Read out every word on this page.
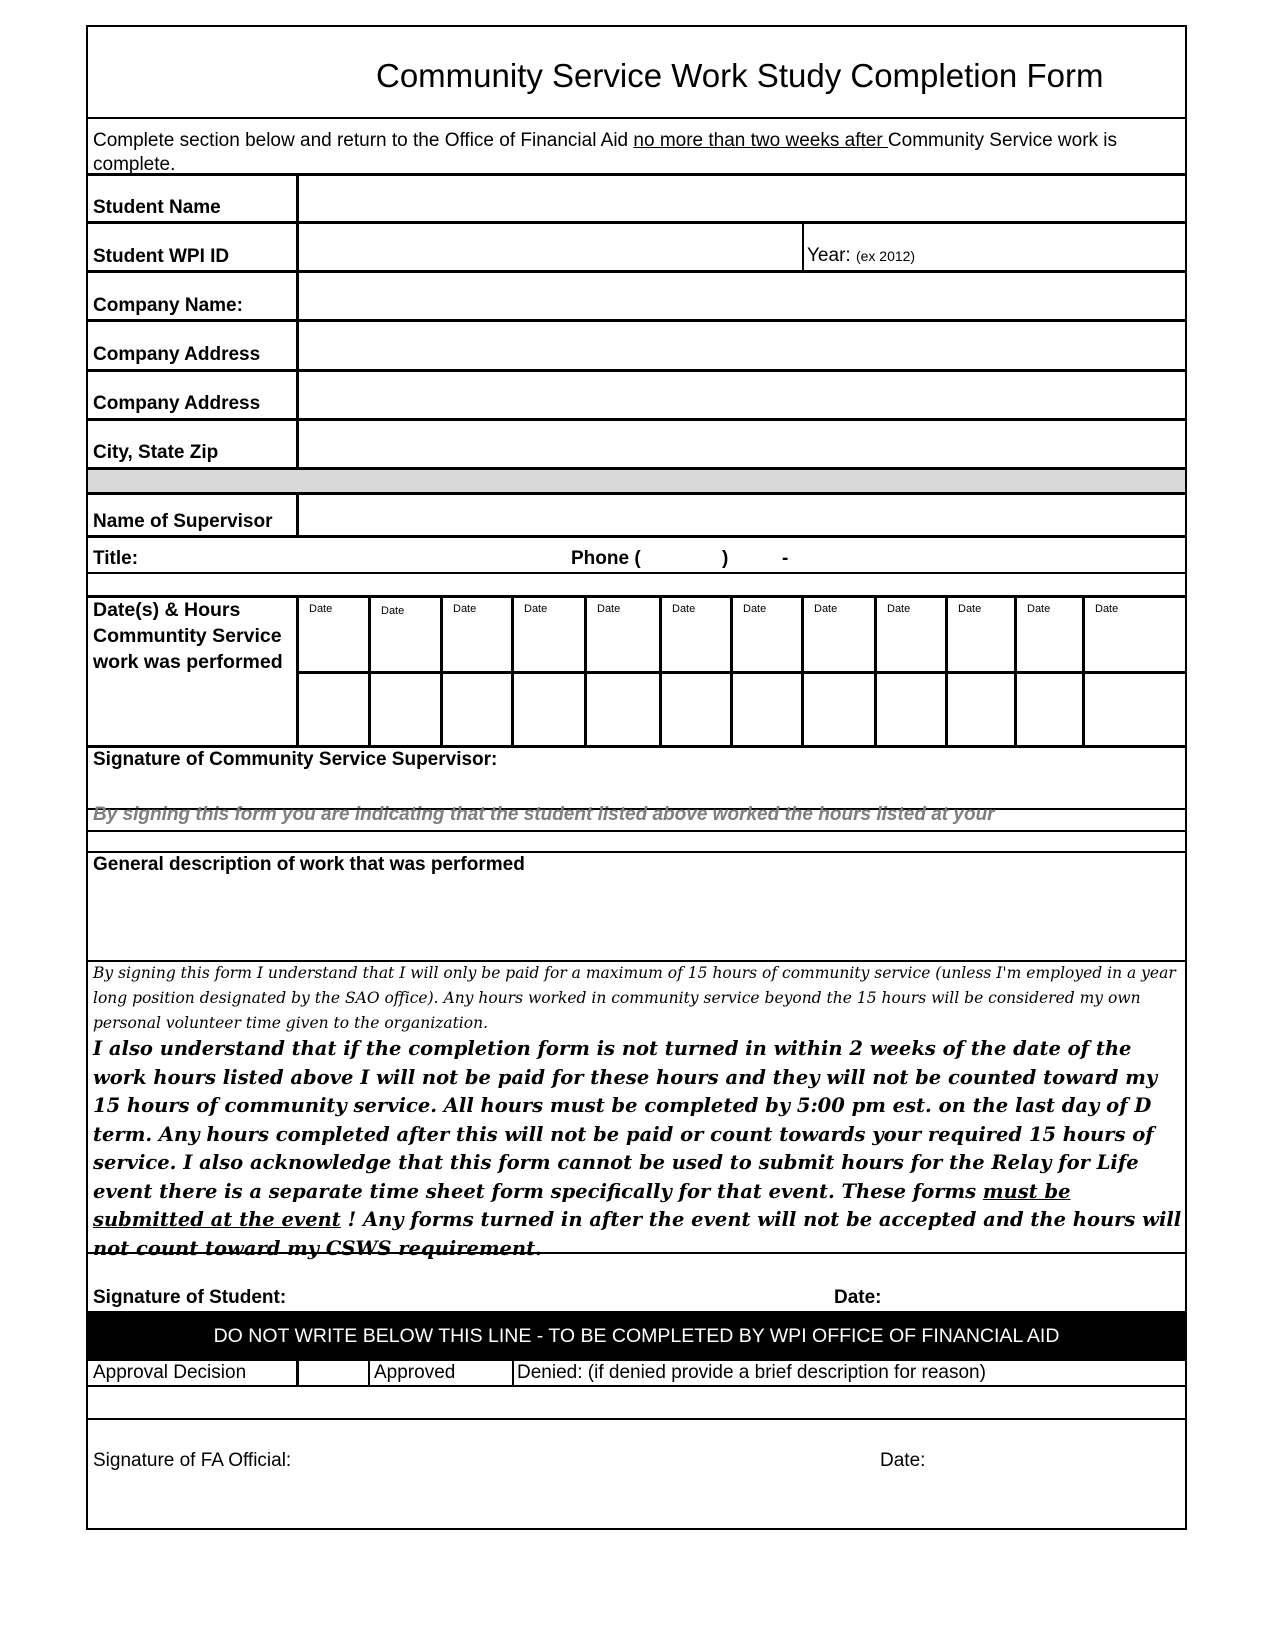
Community Service Work Study Completion Form
Complete section below and return to the Office of Financial Aid no more than two weeks after Community Service work is complete.
Student Name
Student WPI ID	Year: (ex 2012)
Company Name:
Company Address
Company Address
City, State Zip
Name of Supervisor
Title:	Phone (	)	-
Date(s) & Hours
Communtity Service
work was performed
Date	Date	Date	Date	Date	Date	Date	Date	Date	Date	Date	Date
Signature of Community Service Supervisor:
By signing this form you are indicating that the student listed above worked the hours listed at your
General description of work that was performed
By signing this form I understand that I will only be paid for a maximum of 15 hours of community service (unless I'm employed in a year long position designated by the SAO office). Any hours worked in community service beyond the 15 hours will be considered my own personal volunteer time given to the organization.
I also understand that if the completion form is not turned in within 2 weeks of the date of the work hours listed above I will not be paid for these hours and they will not be counted toward my 15 hours of community service. All hours must be completed by 5:00 pm est. on the last day of D term. Any hours completed after this will not be paid or count towards your required 15 hours of service. I also acknowledge that this form cannot be used to submit hours for the Relay for Life event there is a separate time sheet form specifically for that event. These forms must be submitted at the event ! Any forms turned in after the event will not be accepted and the hours will not count toward my CSWS requirement.
Signature of Student:	Date:
DO NOT WRITE BELOW THIS LINE - TO BE COMPLETED BY WPI OFFICE OF FINANCIAL AID
Approval Decision	Approved	Denied: (if denied provide a brief description for reason)
Signature of FA Official:	Date:
